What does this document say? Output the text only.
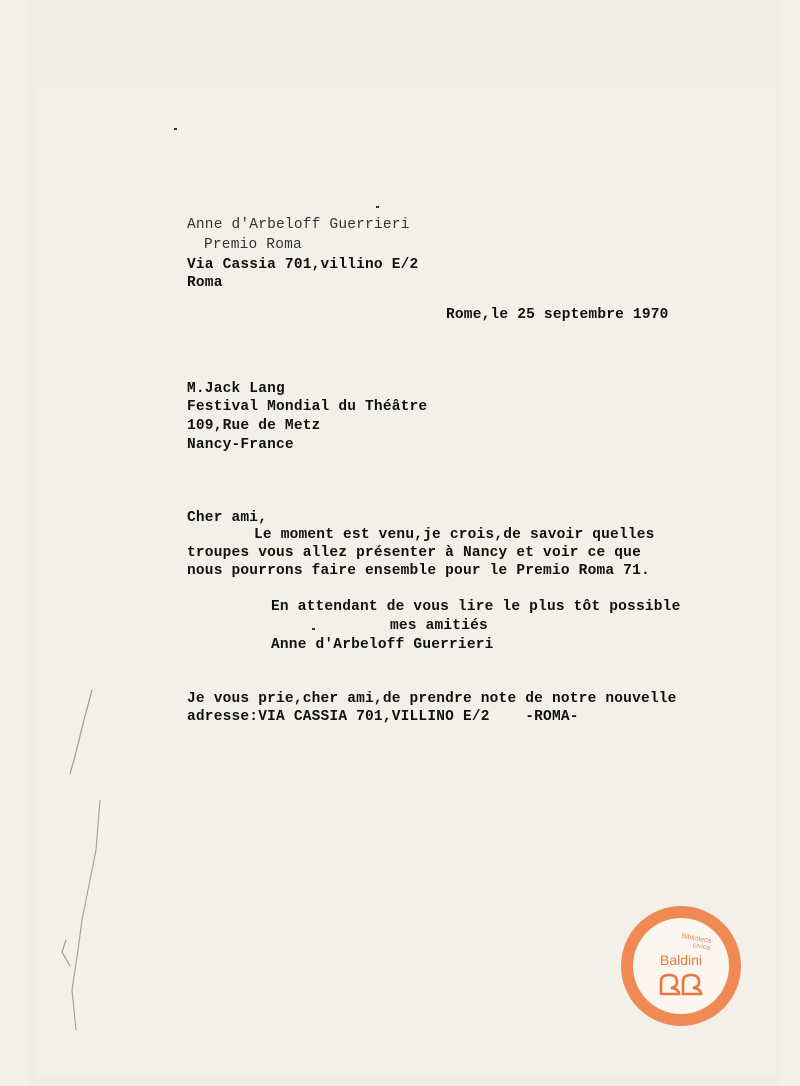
Anne d'Arbeloff Guerrieri

Premio Roma

Via Cassia 701,villino E/2

Roma

Rome,le 25 septembre 1970

M.Jack Lang

Festival Mondial du Théâtre

109,Rue de Metz

Nancy-France

Cher ami,

Le moment est venu,je crois,de savoir quelles

troupes vous allez présenter à Nancy et voir ce que

nous pourrons faire ensemble pour le Premio Roma 71.

En attendant de vous lire le plus tôt possible

mes amitiés

Anne d'Arbeloff Guerrieri

Je vous prie,cher ami,de prendre note de notre nouvelle

adresse:VIA CASSIA 701,VILLINO E/2    -ROMA-

Biblioteca civica
Baldini
